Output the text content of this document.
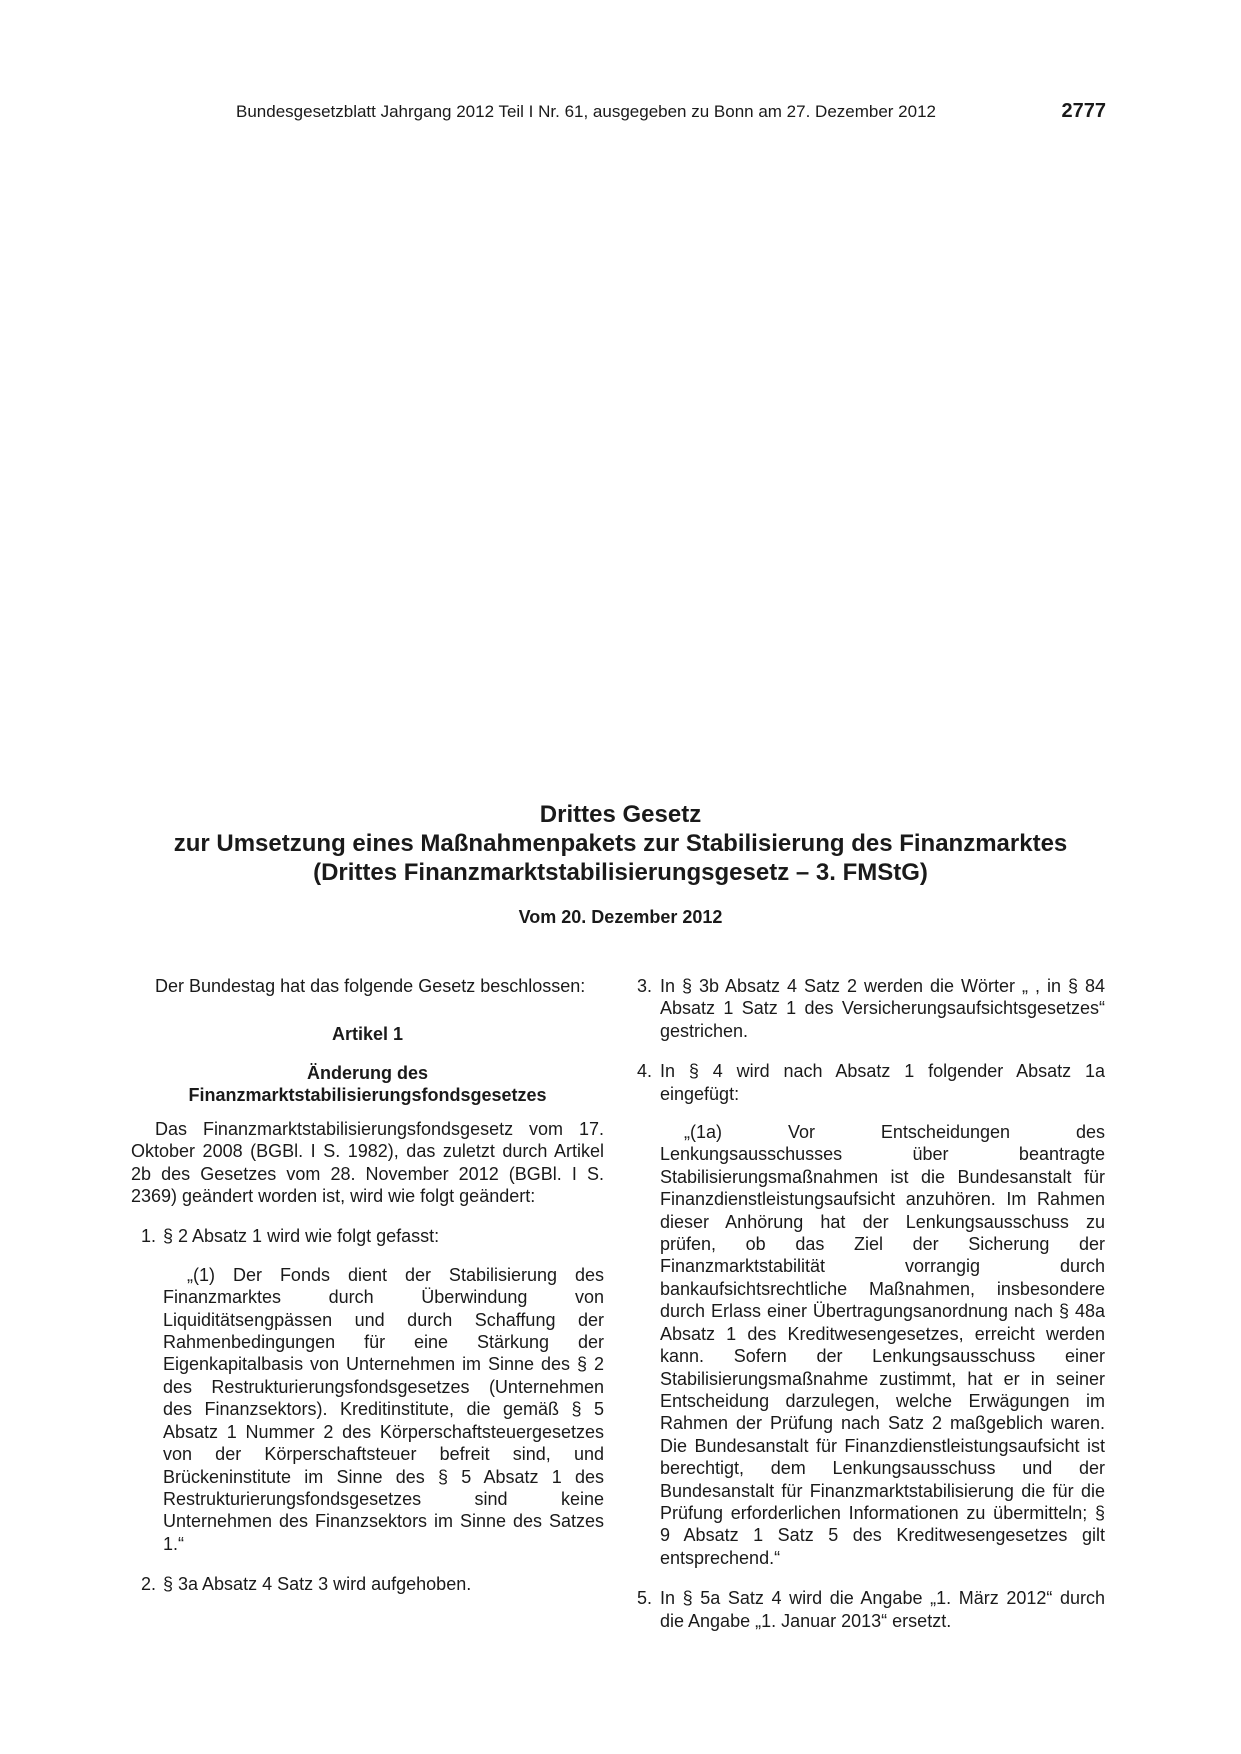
Bundesgesetzblatt Jahrgang 2012 Teil I Nr. 61, ausgegeben zu Bonn am 27. Dezember 2012	2777
Drittes Gesetz
zur Umsetzung eines Maßnahmenpakets zur Stabilisierung des Finanzmarktes
(Drittes Finanzmarktstabilisierungsgesetz – 3. FMStG)
Vom 20. Dezember 2012

Der Bundestag hat das folgende Gesetz beschlossen:

Artikel 1

Änderung des
Finanzmarktstabilisierungsfondsgesetzes

Das Finanzmarktstabilisierungsfondsgesetz vom 17. Oktober 2008 (BGBl. I S. 1982), das zuletzt durch Artikel 2b des Gesetzes vom 28. November 2012 (BGBl. I S. 2369) geändert worden ist, wird wie folgt geändert:

1. § 2 Absatz 1 wird wie folgt gefasst:

„(1) Der Fonds dient der Stabilisierung des Finanzmarktes durch Überwindung von Liquiditätsengpässen und durch Schaffung der Rahmenbedingungen für eine Stärkung der Eigenkapitalbasis von Unternehmen im Sinne des § 2 des Restrukturierungsfondsgesetzes (Unternehmen des Finanzsektors). Kreditinstitute, die gemäß § 5 Absatz 1 Nummer 2 des Körperschaftsteuergesetzes von der Körperschaftsteuer befreit sind, und Brückeninstitute im Sinne des § 5 Absatz 1 des Restrukturierungsfondsgesetzes sind keine Unternehmen des Finanzsektors im Sinne des Satzes 1.“

2. § 3a Absatz 4 Satz 3 wird aufgehoben.

3. In § 3b Absatz 4 Satz 2 werden die Wörter „ , in § 84 Absatz 1 Satz 1 des Versicherungsaufsichtsgesetzes“ gestrichen.

4. In § 4 wird nach Absatz 1 folgender Absatz 1a eingefügt:

„(1a) Vor Entscheidungen des Lenkungsausschusses über beantragte Stabilisierungsmaßnahmen ist die Bundesanstalt für Finanzdienstleistungsaufsicht anzuhören. Im Rahmen dieser Anhörung hat der Lenkungsausschuss zu prüfen, ob das Ziel der Sicherung der Finanzmarktstabilität vorrangig durch bankaufsichtsrechtliche Maßnahmen, insbesondere durch Erlass einer Übertragungsanordnung nach § 48a Absatz 1 des Kreditwesengesetzes, erreicht werden kann. Sofern der Lenkungsausschuss einer Stabilisierungsmaßnahme zustimmt, hat er in seiner Entscheidung darzulegen, welche Erwägungen im Rahmen der Prüfung nach Satz 2 maßgeblich waren. Die Bundesanstalt für Finanzdienstleistungsaufsicht ist berechtigt, dem Lenkungsausschuss und der Bundesanstalt für Finanzmarktstabilisierung die für die Prüfung erforderlichen Informationen zu übermitteln; § 9 Absatz 1 Satz 5 des Kreditwesengesetzes gilt entsprechend.“

5. In § 5a Satz 4 wird die Angabe „1. März 2012“ durch die Angabe „1. Januar 2013“ ersetzt.
